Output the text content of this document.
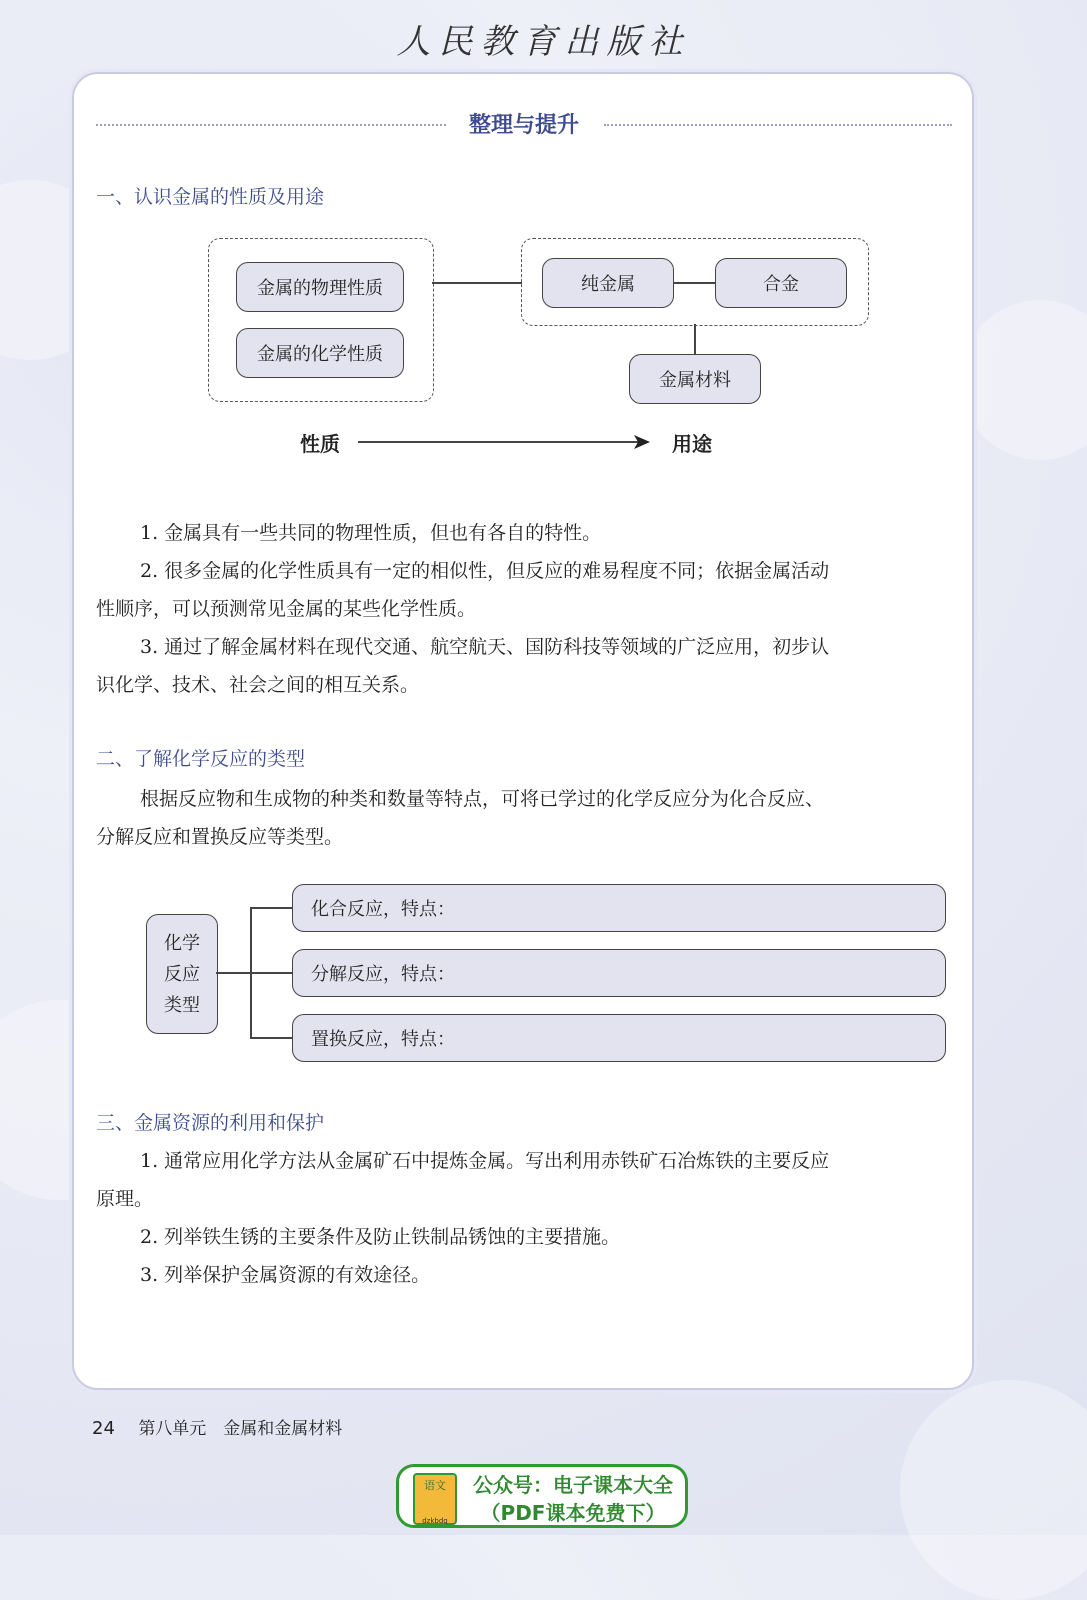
人民教育出版社
整理与提升
一、认识金属的性质及用途
金属的物理性质
金属的化学性质
纯金属	合金
金属材料
性质	用途
1. 金属具有一些共同的物理性质，但也有各自的特性。
2. 很多金属的化学性质具有一定的相似性，但反应的难易程度不同；依据金属活动
性顺序，可以预测常见金属的某些化学性质。
3. 通过了解金属材料在现代交通、航空航天、国防科技等领域的广泛应用，初步认
识化学、技术、社会之间的相互关系。
二、了解化学反应的类型
根据反应物和生成物的种类和数量等特点，可将已学过的化学反应分为化合反应、
分解反应和置换反应等类型。
化学
反应
类型
化合反应，特点：
分解反应，特点：
置换反应，特点：
三、金属资源的利用和保护
1. 通常应用化学方法从金属矿石中提炼金属。写出利用赤铁矿石冶炼铁的主要反应
原理。
2. 列举铁生锈的主要条件及防止铁制品锈蚀的主要措施。
3. 列举保护金属资源的有效途径。
24 第八单元　金属和金属材料
语文
dzkbdq
公众号：电子课本大全
（PDF课本免费下）
